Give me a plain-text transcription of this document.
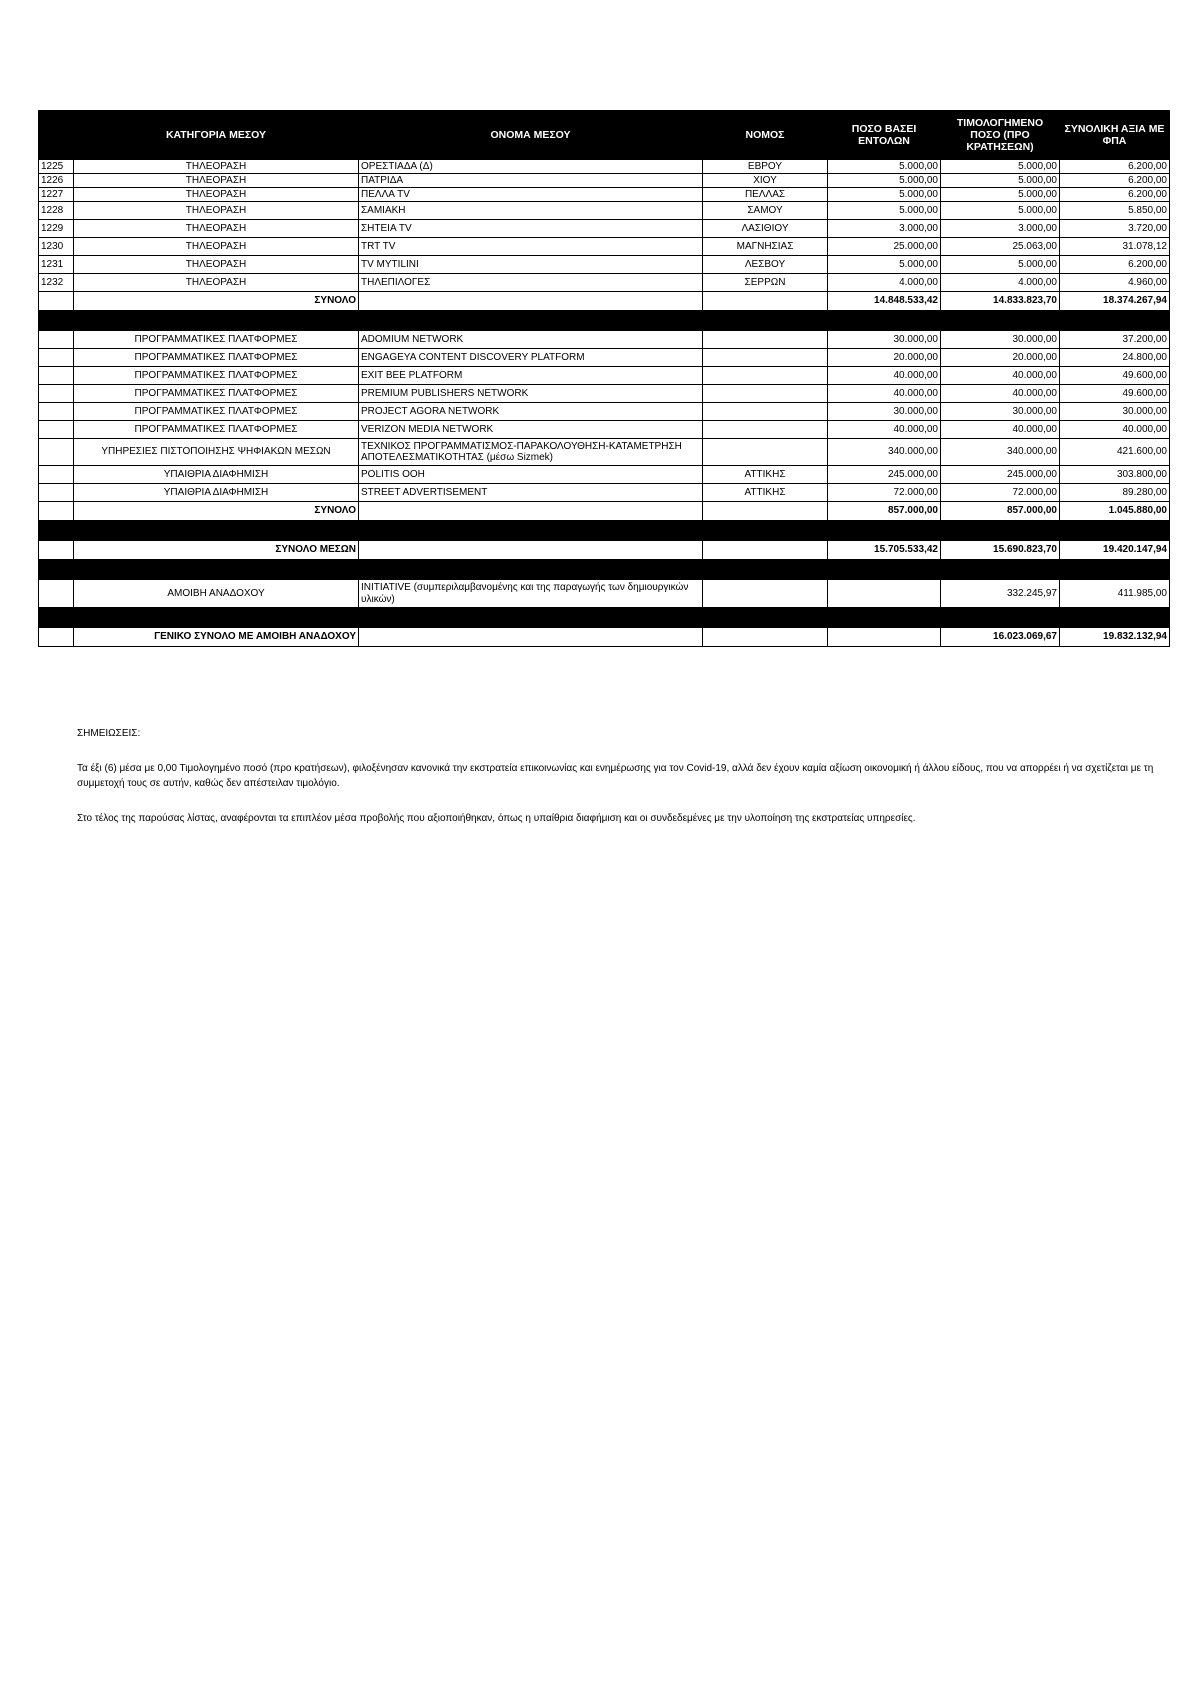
	ΚΑΤΗΓΟΡΙΑ ΜΕΣΟΥ	ΟΝΟΜΑ ΜΕΣΟΥ	ΝΟΜΟΣ	ΠΟΣΟ ΒΑΣΕΙ ΕΝΤΟΛΩΝ	ΤΙΜΟΛΟΓΗΜΕΝΟ ΠΟΣΟ (ΠΡΟ ΚΡΑΤΗΣΕΩΝ)	ΣΥΝΟΛΙΚΗ ΑΞΙΑ ΜΕ ΦΠΑ
1225	ΤΗΛΕΟΡΑΣΗ	ΟΡΕΣΤΙΑΔΑ (Δ)	ΕΒΡΟΥ	5.000,00	5.000,00	6.200,00
1226	ΤΗΛΕΟΡΑΣΗ	ΠΑΤΡΙΔΑ	ΧΙΟΥ	5.000,00	5.000,00	6.200,00
1227	ΤΗΛΕΟΡΑΣΗ	ΠΕΛΛΑ TV	ΠΕΛΛΑΣ	5.000,00	5.000,00	6.200,00
1228	ΤΗΛΕΟΡΑΣΗ	ΣΑΜΙΑΚΗ	ΣΑΜΟΥ	5.000,00	5.000,00	5.850,00
1229	ΤΗΛΕΟΡΑΣΗ	ΣΗΤΕΙΑ TV	ΛΑΣΙΘΙΟΥ	3.000,00	3.000,00	3.720,00
1230	ΤΗΛΕΟΡΑΣΗ	TRT TV	ΜΑΓΝΗΣΙΑΣ	25.000,00	25.063,00	31.078,12
1231	ΤΗΛΕΟΡΑΣΗ	TV MYTILINI	ΛΕΣΒΟΥ	5.000,00	5.000,00	6.200,00
1232	ΤΗΛΕΟΡΑΣΗ	ΤΗΛΕΠΙΛΟΓΕΣ	ΣΕΡΡΩΝ	4.000,00	4.000,00	4.960,00
	ΣΥΝΟΛΟ			14.848.533,42	14.833.823,70	18.374.267,94

	ΠΡΟΓΡΑΜΜΑΤΙΚΕΣ ΠΛΑΤΦΟΡΜΕΣ	ADOMIUM NETWORK		30.000,00	30.000,00	37.200,00
	ΠΡΟΓΡΑΜΜΑΤΙΚΕΣ ΠΛΑΤΦΟΡΜΕΣ	ENGAGEYA CONTENT DISCOVERY PLATFORM		20.000,00	20.000,00	24.800,00
	ΠΡΟΓΡΑΜΜΑΤΙΚΕΣ ΠΛΑΤΦΟΡΜΕΣ	EXIT BEE PLATFORM		40.000,00	40.000,00	49.600,00
	ΠΡΟΓΡΑΜΜΑΤΙΚΕΣ ΠΛΑΤΦΟΡΜΕΣ	PREMIUM PUBLISHERS NETWORK		40.000,00	40.000,00	49.600,00
	ΠΡΟΓΡΑΜΜΑΤΙΚΕΣ ΠΛΑΤΦΟΡΜΕΣ	PROJECT AGORA NETWORK		30.000,00	30.000,00	30.000,00
	ΠΡΟΓΡΑΜΜΑΤΙΚΕΣ ΠΛΑΤΦΟΡΜΕΣ	VERIZON MEDIA NETWORK		40.000,00	40.000,00	40.000,00
	ΥΠΗΡΕΣΙΕΣ ΠΙΣΤΟΠΟΙΗΣΗΣ ΨΗΦΙΑΚΩΝ ΜΕΣΩΝ	ΤΕΧΝΙΚΟΣ ΠΡΟΓΡΑΜΜΑΤΙΣΜΟΣ-ΠΑΡΑΚΟΛΟΥΘΗΣΗ-ΚΑΤΑΜΕΤΡΗΣΗ ΑΠΟΤΕΛΕΣΜΑΤΙΚΟΤΗΤΑΣ (μέσω Sizmek)		340.000,00	340.000,00	421.600,00
	ΥΠΑΙΘΡΙΑ ΔΙΑΦΗΜΙΣΗ	POLITIS OOH	ΑΤΤΙΚΗΣ	245.000,00	245.000,00	303.800,00
	ΥΠΑΙΘΡΙΑ ΔΙΑΦΗΜΙΣΗ	STREET ADVERTISEMENT	ΑΤΤΙΚΗΣ	72.000,00	72.000,00	89.280,00
	ΣΥΝΟΛΟ			857.000,00	857.000,00	1.045.880,00

	ΣΥΝΟΛΟ ΜΕΣΩΝ			15.705.533,42	15.690.823,70	19.420.147,94

	ΑΜΟΙΒΗ ΑΝΑΔΟΧΟΥ	INITIATIVE (συμπεριλαμβανομένης και της παραγωγής των δημιουργικών υλικών)			332.245,97	411.985,00

	ΓΕΝΙΚΟ ΣΥΝΟΛΟ ΜΕ ΑΜΟΙΒΗ ΑΝΑΔΟΧΟΥ				16.023.069,67	19.832.132,94

ΣΗΜΕΙΩΣΕΙΣ:

Τα έξι (6) μέσα με 0,00 Τιμολογημένο ποσό (προ κρατήσεων), φιλοξένησαν κανονικά την εκστρατεία επικοινωνίας και ενημέρωσης για τον Covid-19, αλλά δεν έχουν καμία αξίωση οικονομική ή άλλου είδους, που να απορρέει ή να σχετίζεται με τη συμμετοχή τους σε αυτήν, καθώς δεν απέστειλαν τιμολόγιο.

Στο τέλος της παρούσας λίστας, αναφέρονται τα επιπλέον μέσα προβολής που αξιοποιήθηκαν, όπως η υπαίθρια διαφήμιση και οι συνδεδεμένες με την υλοποίηση της εκστρατείας υπηρεσίες.
